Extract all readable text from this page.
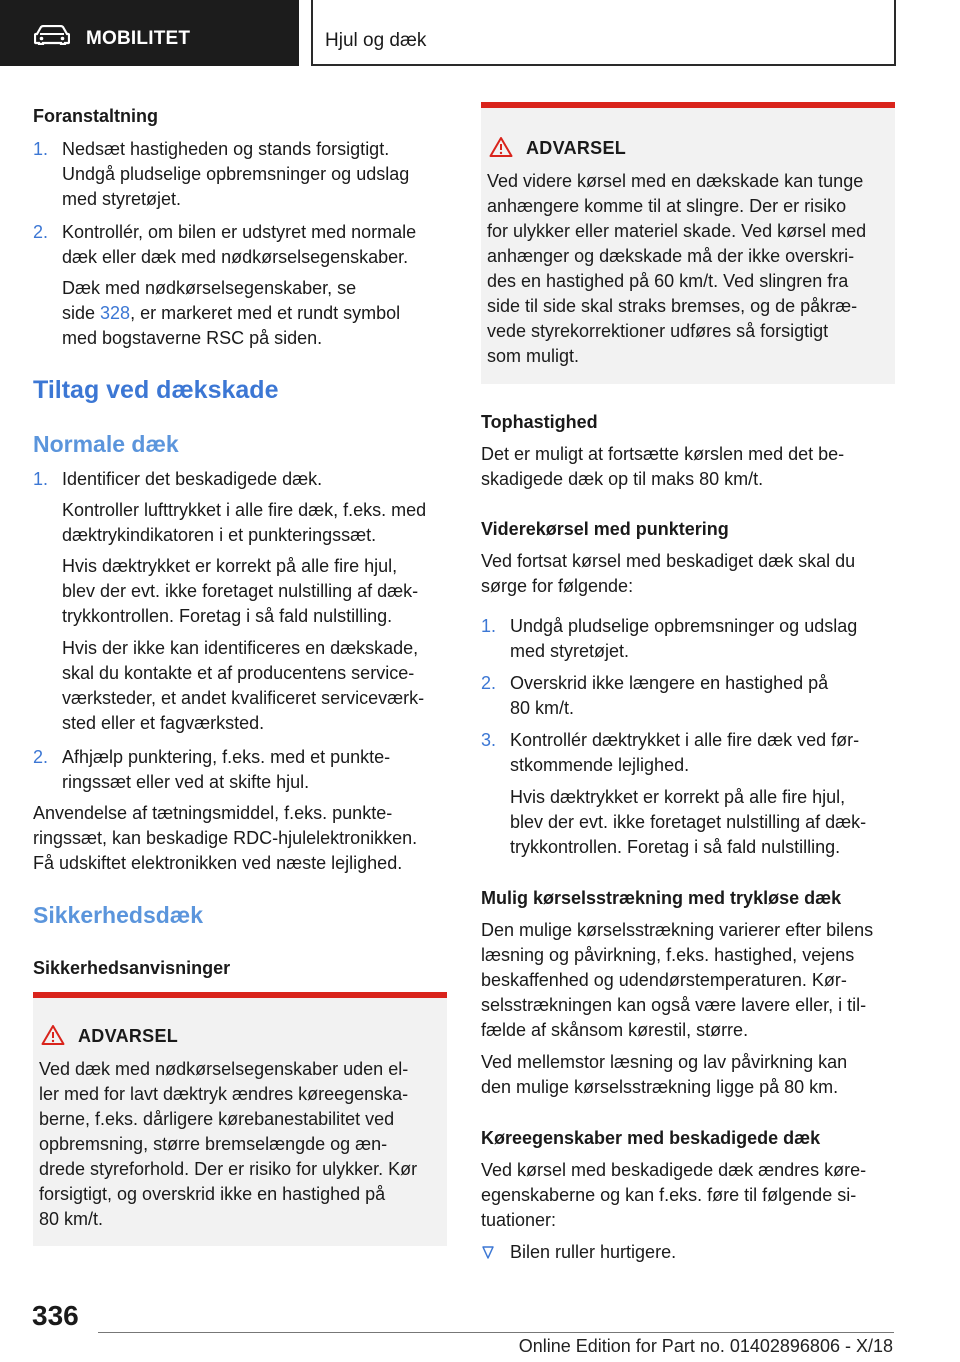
MOBILITET	Hjul og dæk
Foranstaltning
1. Nedsæt hastigheden og stands forsigtigt.
Undgå pludselige opbremsninger og udslag
med styretøjet.
2. Kontrollér, om bilen er udstyret med normale
dæk eller dæk med nødkørselsegenskaber.
Dæk med nødkørselsegenskaber, se
side 328, er markeret med et rundt symbol
med bogstaverne RSC på siden.
Tiltag ved dækskade
Normale dæk
1. Identificer det beskadigede dæk.
Kontroller lufttrykket i alle fire dæk, f.eks. med
dæktrykindikatoren i et punkteringssæt.
Hvis dæktrykket er korrekt på alle fire hjul,
blev der evt. ikke foretaget nulstilling af dæk-
trykkontrollen. Foretag i så fald nulstilling.
Hvis der ikke kan identificeres en dækskade,
skal du kontakte et af producentens service-
værksteder, et andet kvalificeret serviceværk-
sted eller et fagværksted.
2. Afhjælp punktering, f.eks. med et punkte-
ringssæt eller ved at skifte hjul.
Anvendelse af tætningsmiddel, f.eks. punkte-
ringssæt, kan beskadige RDC-hjulelektronikken.
Få udskiftet elektronikken ved næste lejlighed.
Sikkerhedsdæk
Sikkerhedsanvisninger
ADVARSEL
Ved dæk med nødkørselsegenskaber uden el-
ler med for lavt dæktryk ændres køreegenska-
berne, f.eks. dårligere kørebanestabilitet ved
opbremsning, større bremselængde og æn-
drede styreforhold. Der er risiko for ulykker. Kør
forsigtigt, og overskrid ikke en hastighed på
80 km/t.
ADVARSEL
Ved videre kørsel med en dækskade kan tunge
anhængere komme til at slingre. Der er risiko
for ulykker eller materiel skade. Ved kørsel med
anhænger og dækskade må der ikke overskri-
des en hastighed på 60 km/t. Ved slingren fra
side til side skal straks bremses, og de påkræ-
vede styrekorrektioner udføres så forsigtigt
som muligt.
Tophastighed
Det er muligt at fortsætte kørslen med det be-
skadigede dæk op til maks 80 km/t.
Viderekørsel med punktering
Ved fortsat kørsel med beskadiget dæk skal du
sørge for følgende:
1. Undgå pludselige opbremsninger og udslag
med styretøjet.
2. Overskrid ikke længere en hastighed på
80 km/t.
3. Kontrollér dæktrykket i alle fire dæk ved før-
stkommende lejlighed.
Hvis dæktrykket er korrekt på alle fire hjul,
blev der evt. ikke foretaget nulstilling af dæk-
trykkontrollen. Foretag i så fald nulstilling.
Mulig kørselsstrækning med trykløse dæk
Den mulige kørselsstrækning varierer efter bilens
læsning og påvirkning, f.eks. hastighed, vejens
beskaffenhed og udendørstemperaturen. Kør-
selsstrækningen kan også være lavere eller, i til-
fælde af skånsom kørestil, større.
Ved mellemstor læsning og lav påvirkning kan
den mulige kørselsstrækning ligge på 80 km.
Køreegenskaber med beskadigede dæk
Ved kørsel med beskadigede dæk ændres køre-
egenskaberne og kan f.eks. føre til følgende si-
tuationer:
Bilen ruller hurtigere.
336
Online Edition for Part no. 01402896806 - X/18
